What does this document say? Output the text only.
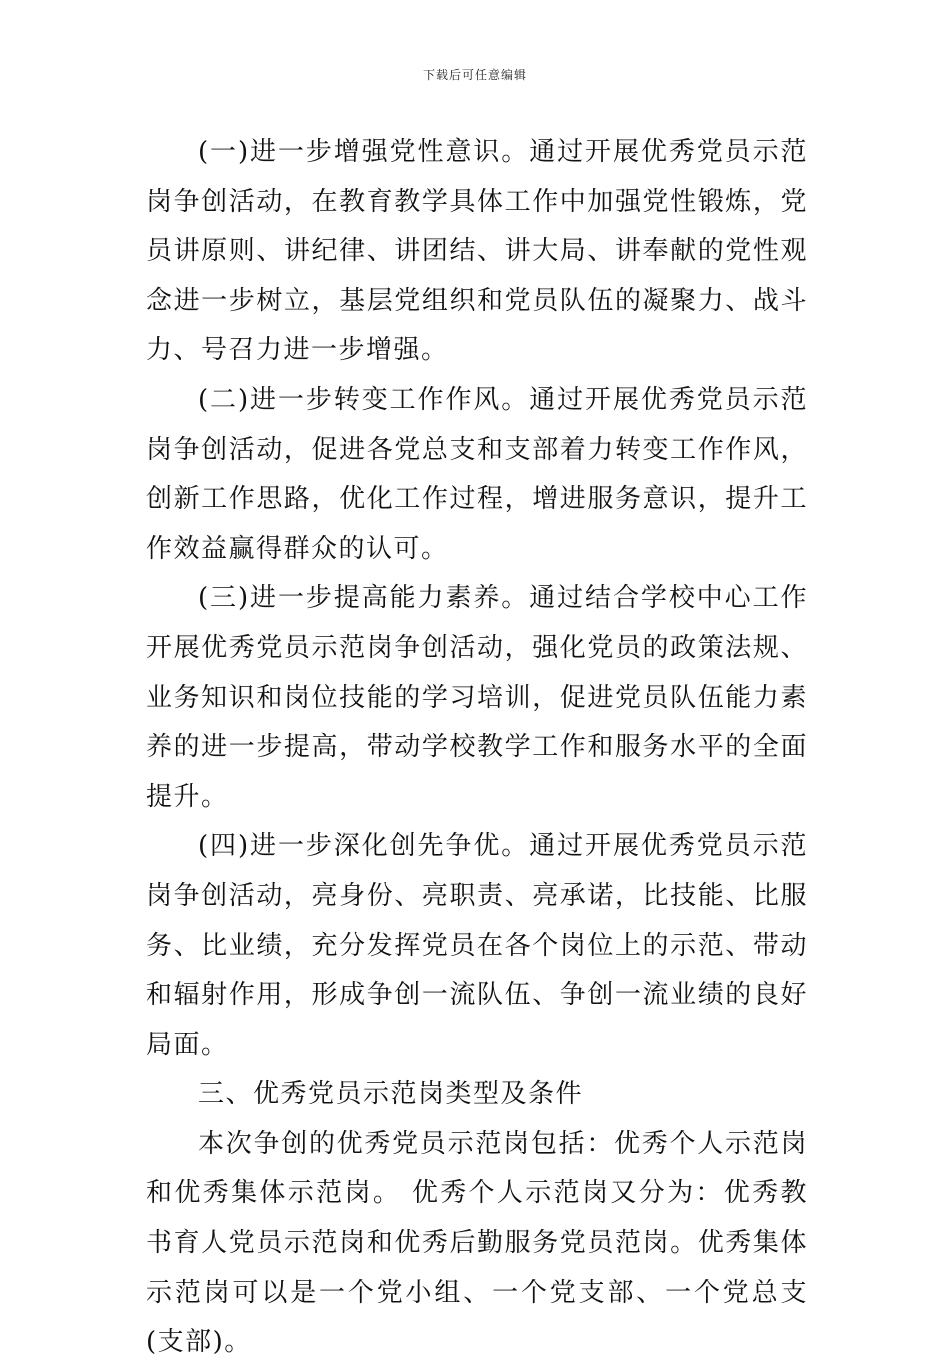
下载后可任意编辑

(一)进一步增强党性意识。通过开展优秀党员示范岗争创活动，在教育教学具体工作中加强党性锻炼，党员讲原则、讲纪律、讲团结、讲大局、讲奉献的党性观念进一步树立，基层党组织和党员队伍的凝聚力、战斗力、号召力进一步增强。

(二)进一步转变工作作风。通过开展优秀党员示范岗争创活动，促进各党总支和支部着力转变工作作风，创新工作思路，优化工作过程，增进服务意识，提升工作效益赢得群众的认可。

(三)进一步提高能力素养。通过结合学校中心工作开展优秀党员示范岗争创活动，强化党员的政策法规、业务知识和岗位技能的学习培训，促进党员队伍能力素养的进一步提高，带动学校教学工作和服务水平的全面提升。

(四)进一步深化创先争优。通过开展优秀党员示范岗争创活动，亮身份、亮职责、亮承诺，比技能、比服务、比业绩，充分发挥党员在各个岗位上的示范、带动和辐射作用，形成争创一流队伍、争创一流业绩的良好局面。

三、优秀党员示范岗类型及条件

本次争创的优秀党员示范岗包括：优秀个人示范岗和优秀集体示范岗。 优秀个人示范岗又分为：优秀教书育人党员示范岗和优秀后勤服务党员范岗。优秀集体示范岗可以是一个党小组、一个党支部、一个党总支(支部)。
